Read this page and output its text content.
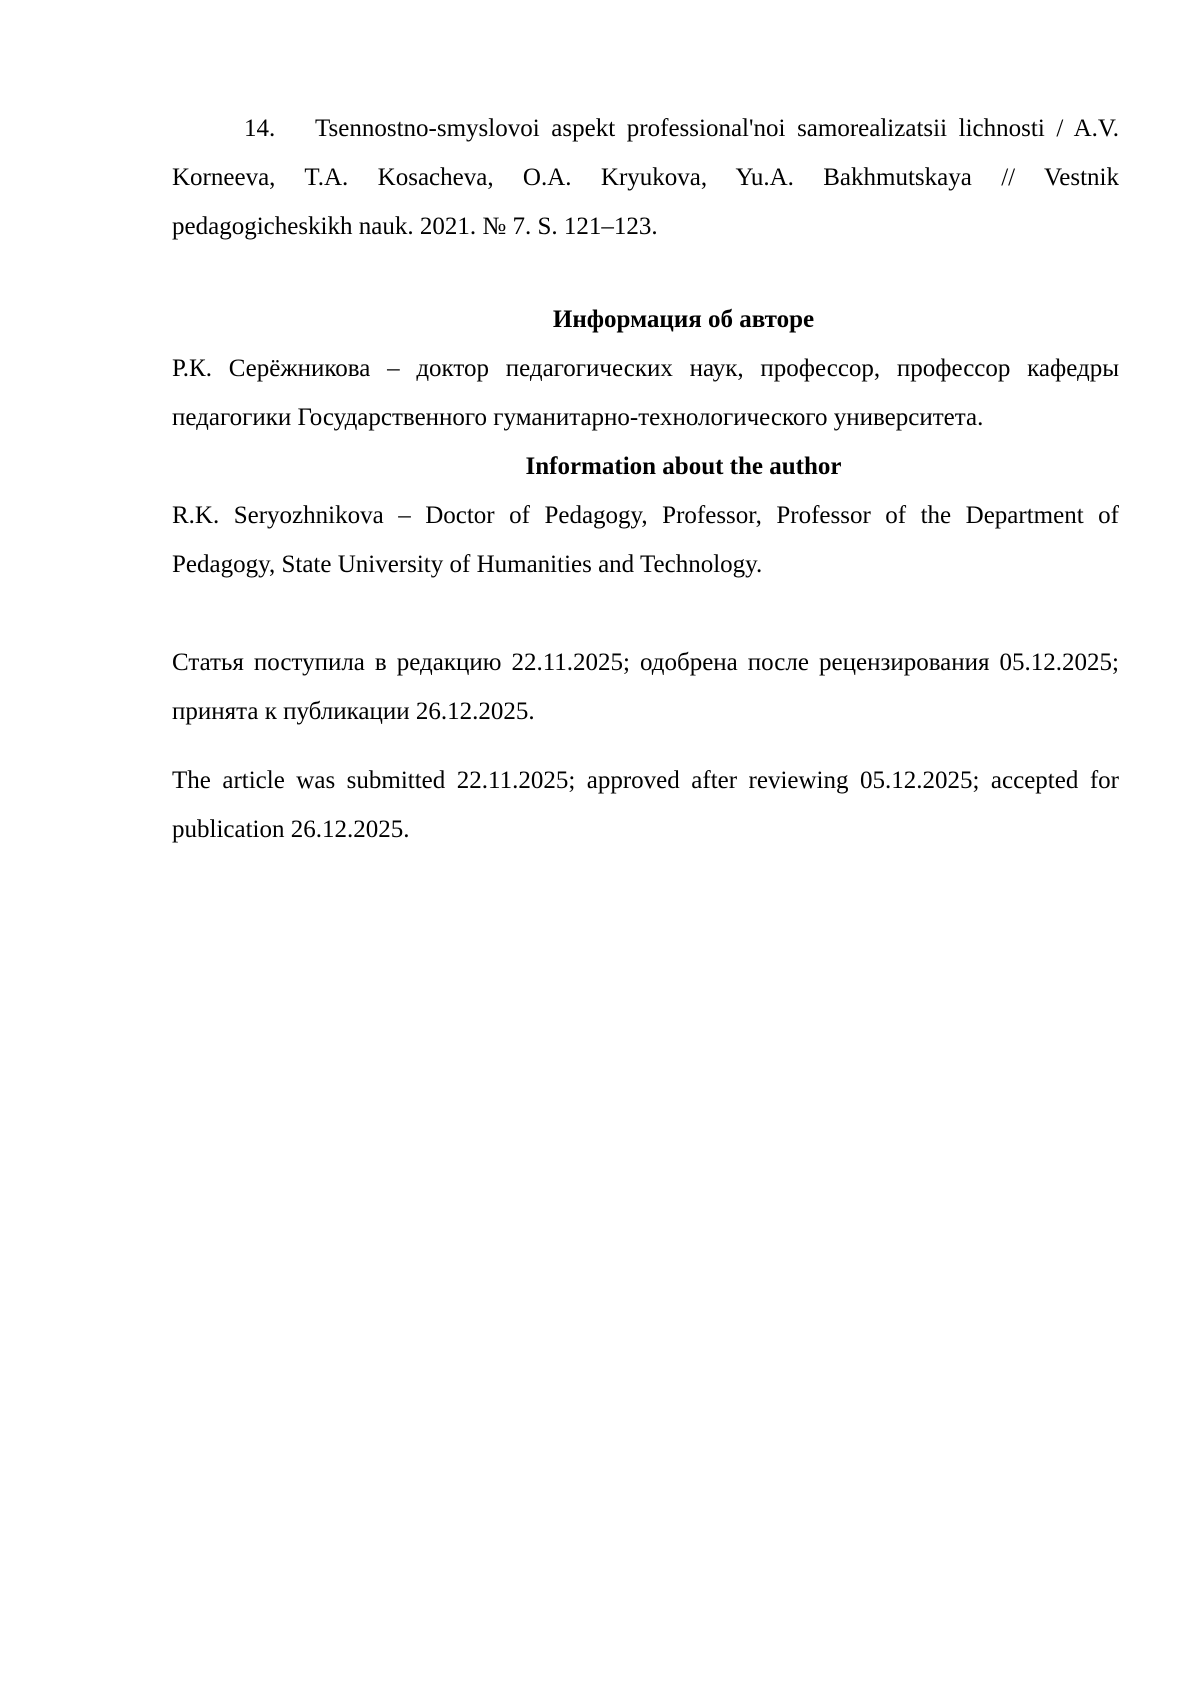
14. Tsennostno-smyslovoi aspekt professional'noi samorealizatsii lichnosti / A.V. Korneeva, T.A. Kosacheva, O.A. Kryukova, Yu.A. Bakhmutskaya // Vestnik pedagogicheskikh nauk. 2021. № 7. S. 121–123.

Информация об авторе

Р.К. Серёжникова – доктор педагогических наук, профессор, профессор кафедры педагогики Государственного гуманитарно-технологического университета.

Information about the author

R.K. Seryozhnikova – Doctor of Pedagogy, Professor, Professor of the Department of Pedagogy, State University of Humanities and Technology.

Статья поступила в редакцию 22.11.2025; одобрена после рецензирования 05.12.2025; принята к публикации 26.12.2025.

The article was submitted 22.11.2025; approved after reviewing 05.12.2025; accepted for publication 26.12.2025.
